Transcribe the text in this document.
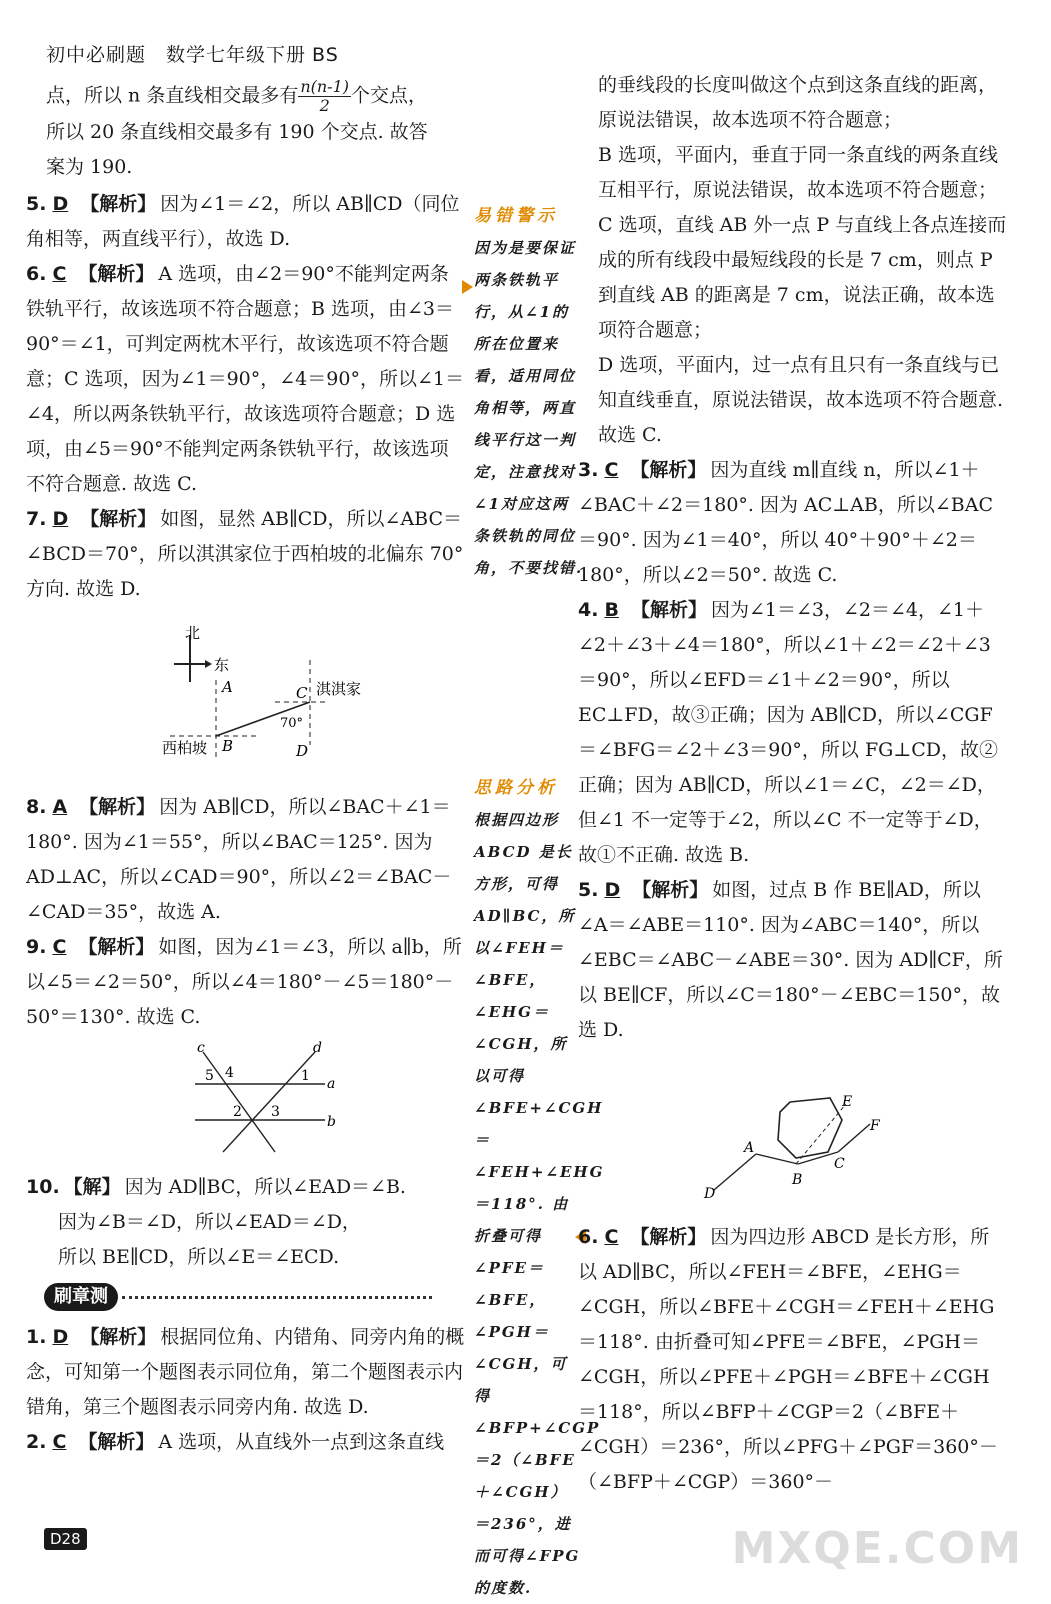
初中必刷题　数学七年级下册 BS

点，所以 n 条直线相交最多有 $\frac{n(n-1)}{2}$ 个交点，

所以 20 条直线相交最多有 190 个交点. 故答

案为 190.

5. D 【解析】 因为∠1＝∠2，所以 AB∥CD（同位角相等，两直线平行），故选 D.

6. C 【解析】 A 选项，由∠2＝90°不能判定两条铁轨平行，故该选项不符合题意；B 选项，由∠3＝90°＝∠1，可判定两枕木平行，故该选项不符合题意；C 选项，因为∠1＝90°，∠4＝90°，所以∠1＝∠4，所以两条铁轨平行，故该选项符合题意；D 选项，由∠5＝90°不能判定两条铁轨平行，故该选项不符合题意. 故选 C.

7. D 【解析】 如图，显然 AB∥CD，所以∠ABC＝∠BCD＝70°，所以淇淇家位于西柏坡的北偏东 70°方向. 故选 D.

北
东
A
B
C
D
淇淇家
西柏坡
70°

8. A 【解析】 因为 AB∥CD，所以∠BAC＋∠1＝180°. 因为∠1＝55°，所以∠BAC＝125°. 因为 AD⊥AC，所以∠CAD＝90°，所以∠2＝∠BAC－∠CAD＝35°，故选 A.

9. C 【解析】 如图，因为∠1＝∠3，所以 a∥b，所以∠5＝∠2＝50°，所以∠4＝180°－∠5＝180°－50°＝130°. 故选 C.

c	d
a
b
5 4	1
2 3

10. 【解】 因为 AD∥BC，所以∠EAD＝∠B.

因为∠B＝∠D，所以∠EAD＝∠D，

所以 BE∥CD，所以∠E＝∠ECD.

刷章测

1. D 【解析】 根据同位角、内错角、同旁内角的概念，可知第一个题图表示同位角，第二个题图表示内错角，第三个题图表示同旁内角. 故选 D.

2. C 【解析】 A 选项，从直线外一点到这条直线

易错警示
因为是要保证两条铁轨平行，从∠1的所在位置来看，适用同位角相等，两直线平行这一判定，注意找对∠1对应这两条铁轨的同位角，不要找错.
思路分析
根据四边形 ABCD 是长方形，可得 AD∥BC，所以∠FEH＝∠BFE，∠EHG＝∠CGH，所以可得∠BFE+∠CGH＝∠FEH+∠EHG＝118°. 由折叠可得∠PFE＝∠BFE，∠PGH＝∠CGH，可得∠BFP+∠CGP＝2（∠BFE＋∠CGH）＝236°，进而可得∠FPG 的度数.

的垂线段的长度叫做这个点到这条直线的距离，原说法错误，故本选项不符合题意；

B 选项，平面内，垂直于同一条直线的两条直线互相平行，原说法错误，故本选项不符合题意；

C 选项，直线 AB 外一点 P 与直线上各点连接而成的所有线段中最短线段的长是 7 cm，则点 P 到直线 AB 的距离是 7 cm，说法正确，故本选项符合题意；

D 选项，平面内，过一点有且只有一条直线与已知直线垂直，原说法错误，故本选项不符合题意. 故选 C.

3. C 【解析】 因为直线 m∥直线 n，所以∠1＋∠BAC＋∠2＝180°. 因为 AC⊥AB，所以∠BAC＝90°. 因为∠1＝40°，所以 40°＋90°＋∠2＝180°，所以∠2＝50°. 故选 C.

4. B 【解析】 因为∠1＝∠3，∠2＝∠4，∠1＋∠2＋∠3＋∠4＝180°，所以∠1＋∠2＝∠2＋∠3＝90°，所以∠EFD＝∠1＋∠2＝90°，所以 EC⊥FD，故③正确；因为 AB∥CD，所以∠CGF＝∠BFG＝∠2＋∠3＝90°，所以 FG⊥CD，故②正确；因为 AB∥CD，所以∠1＝∠C，∠2＝∠D，但∠1 不一定等于∠2，所以∠C 不一定等于∠D，故①不正确. 故选 B.

5. D 【解析】 如图，过点 B 作 BE∥AD，所以∠A＝∠ABE＝110°. 因为∠ABC＝140°，所以∠EBC＝∠ABC－∠ABE＝30°. 因为 AD∥CF，所以 BE∥CF，所以∠C＝180°－∠EBC＝150°，故选 D.

D
A
B
C
E
F

6. C 【解析】 因为四边形 ABCD 是长方形，所以 AD∥BC，所以∠FEH＝∠BFE，∠EHG＝∠CGH，所以∠BFE＋∠CGH＝∠FEH＋∠EHG＝118°. 由折叠可知∠PFE＝∠BFE，∠PGH＝∠CGH，所以∠PFE＋∠PGH＝∠BFE＋∠CGH＝118°，所以∠BFP＋∠CGP＝2（∠BFE＋∠CGH）＝236°，所以∠PFG＋∠PGF＝360°－（∠BFP＋∠CGP）＝360°－

D28	MXQE.COM
